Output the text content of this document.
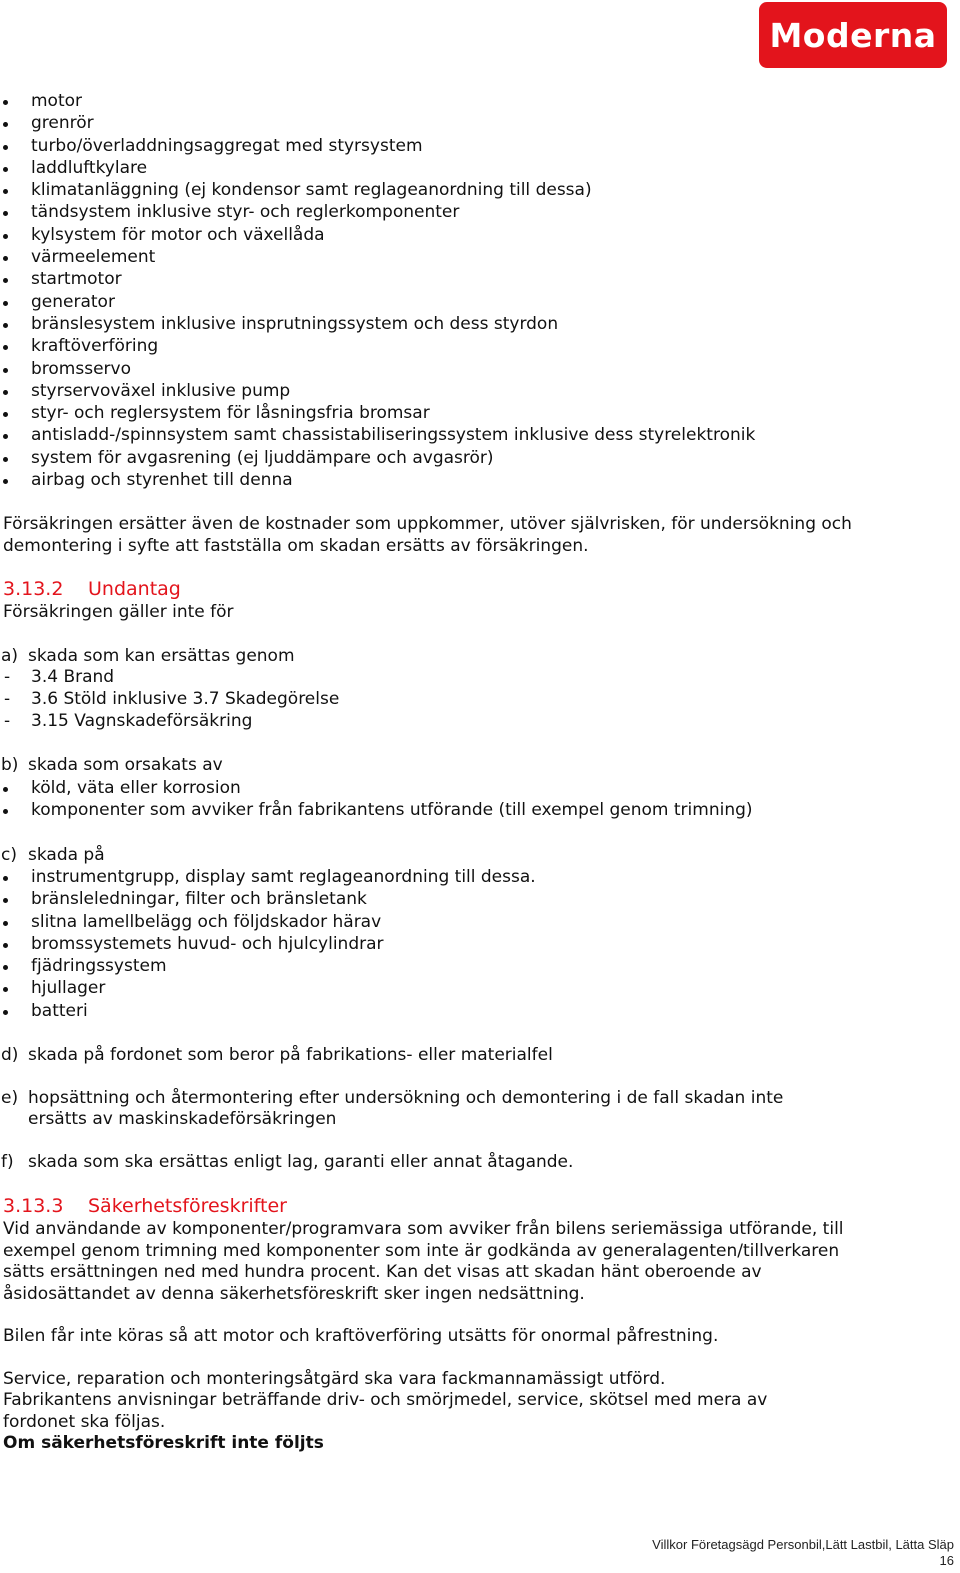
Moderna
motor
grenrör
turbo/överladdningsaggregat med styrsystem
laddluftkylare
klimatanläggning (ej kondensor samt reglageanordning till dessa)
tändsystem inklusive styr- och reglerkomponenter
kylsystem för motor och växellåda
värmeelement
startmotor
generator
bränslesystem inklusive insprutningssystem och dess styrdon
kraftöverföring
bromsservo
styrservoväxel inklusive pump
styr- och reglersystem för låsningsfria bromsar
antisladd-/spinnsystem samt chassistabiliseringssystem inklusive dess styrelektronik
system för avgasrening (ej ljuddämpare och avgasrör)
airbag och styrenhet till denna

Försäkringen ersätter även de kostnader som uppkommer, utöver självrisken, för undersökning och demontering i syfte att fastställa om skadan ersätts av försäkringen.

3.13.2 Undantag

Försäkringen gäller inte för

a) skada som kan ersättas genom
- 3.4 Brand
- 3.6 Stöld inklusive 3.7 Skadegörelse
- 3.15 Vagnskadeförsäkring
b) skada som orsakats av
köld, väta eller korrosion
komponenter som avviker från fabrikantens utförande (till exempel genom trimning)
c) skada på
instrumentgrupp, display samt reglageanordning till dessa.
bränsleledningar, filter och bränsletank
slitna lamellbelägg och följdskador härav
bromssystemets huvud- och hjulcylindrar
fjädringssystem
hjullager
batteri
d) skada på fordonet som beror på fabrikations- eller materialfel
e) hopsättning och återmontering efter undersökning och demontering i de fall skadan inte ersätts av maskinskadeförsäkringen
f) skada som ska ersättas enligt lag, garanti eller annat åtagande.
3.13.3 Säkerhetsföreskrifter

Vid användande av komponenter/programvara som avviker från bilens seriemässiga utförande, till exempel genom trimning med komponenter som inte är godkända av generalagenten/tillverkaren sätts ersättningen ned med hundra procent. Kan det visas att skadan hänt oberoende av åsidosättandet av denna säkerhetsföreskrift sker ingen nedsättning.

Bilen får inte köras så att motor och kraftöverföring utsätts för onormal påfrestning.

Service, reparation och monteringsåtgärd ska vara fackmannamässigt utförd.

Fabrikantens anvisningar beträffande driv- och smörjmedel, service, skötsel med mera av fordonet ska följas.

Om säkerhetsföreskrift inte följts

Villkor Företagsägd Personbil,Lätt Lastbil, Lätta Släp
16
